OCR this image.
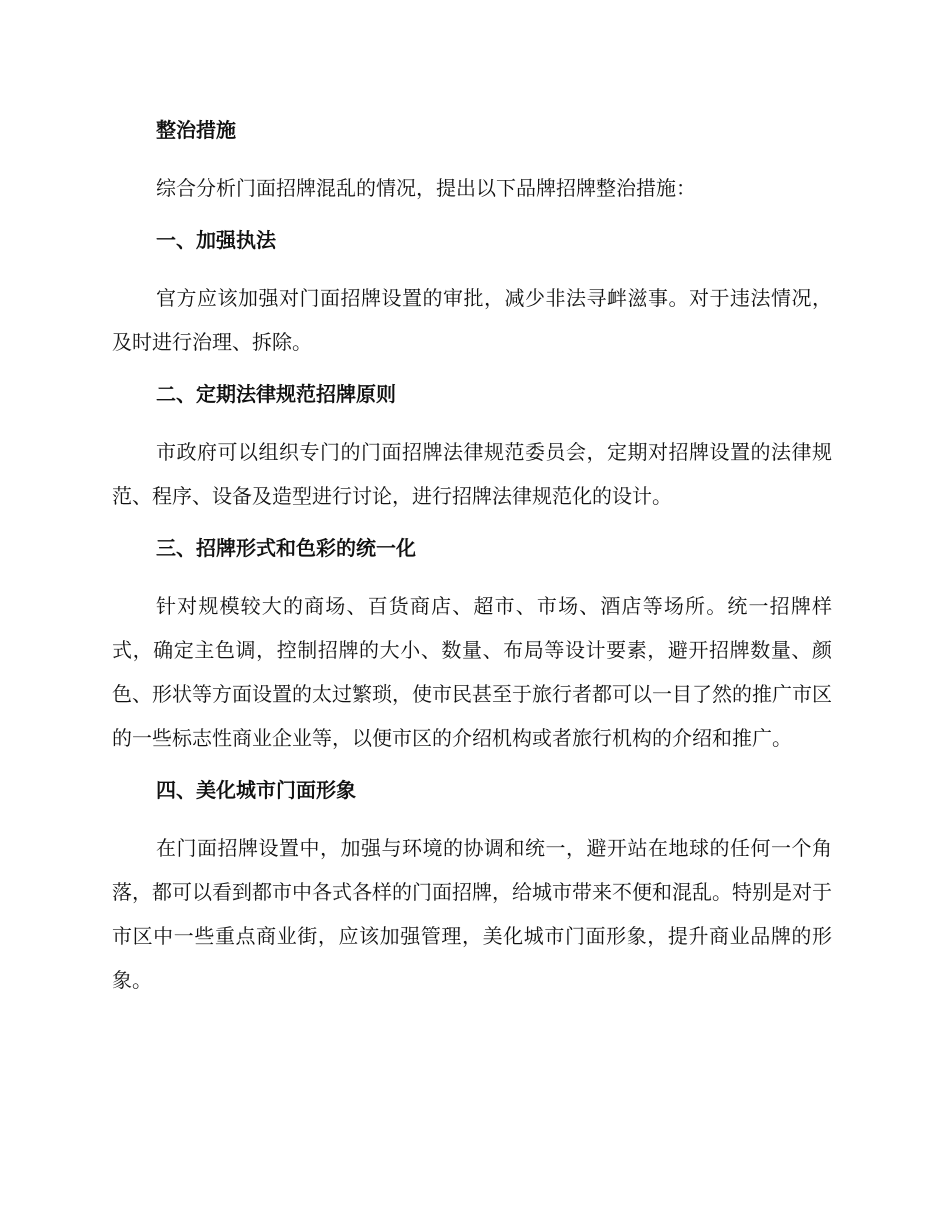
整治措施

综合分析门面招牌混乱的情况，提出以下品牌招牌整治措施：

一、加强执法

官方应该加强对门面招牌设置的审批，减少非法寻衅滋事。对于违法情况，及时进行治理、拆除。

二、定期法律规范招牌原则

市政府可以组织专门的门面招牌法律规范委员会，定期对招牌设置的法律规范、程序、设备及造型进行讨论，进行招牌法律规范化的设计。

三、招牌形式和色彩的统一化

针对规模较大的商场、百货商店、超市、市场、酒店等场所。统一招牌样式，确定主色调，控制招牌的大小、数量、布局等设计要素，避开招牌数量、颜色、形状等方面设置的太过繁琐，使市民甚至于旅行者都可以一目了然的推广市区的一些标志性商业企业等，以便市区的介绍机构或者旅行机构的介绍和推广。

四、美化城市门面形象

在门面招牌设置中，加强与环境的协调和统一，避开站在地球的任何一个角落，都可以看到都市中各式各样的门面招牌，给城市带来不便和混乱。特别是对于市区中一些重点商业街，应该加强管理，美化城市门面形象，提升商业品牌的形象。
